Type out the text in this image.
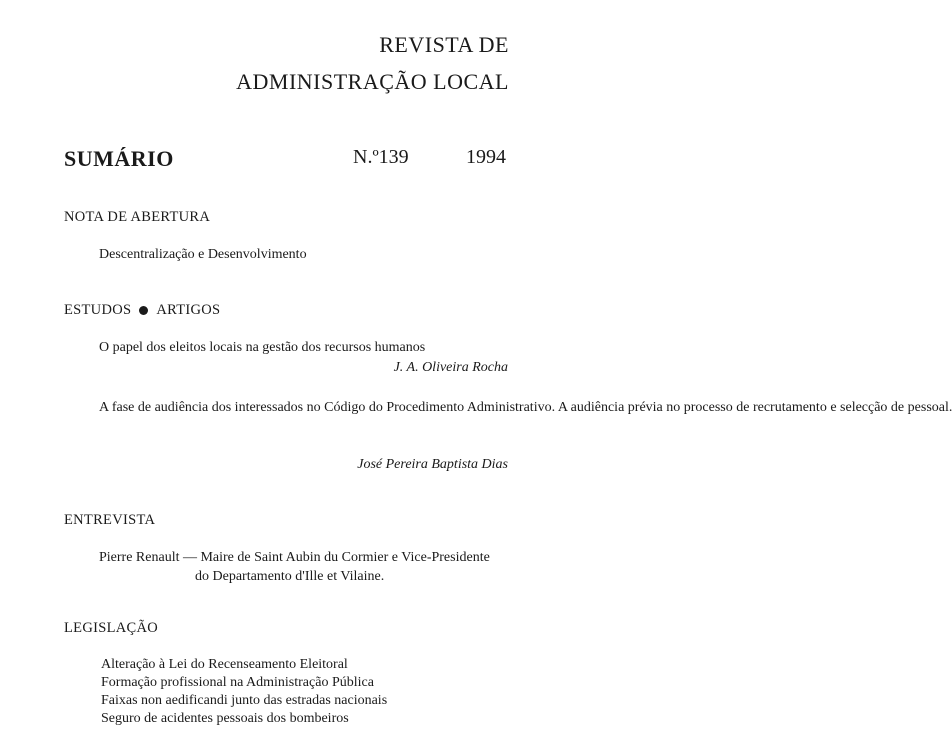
REVISTA DE
ADMINISTRAÇÃO LOCAL
SUMÁRIO	N.º139	1994
NOTA DE ABERTURA
Descentralização e Desenvolvimento
ESTUDOS ARTIGOS
O papel dos eleitos locais na gestão dos recursos humanos
J. A. Oliveira Rocha
A fase de audiência dos interessados no Código do Procedimento Administrativo. A audiência prévia no processo de recrutamento e selecção de pessoal.
José Pereira Baptista Dias
ENTREVISTA
Pierre Renault — Maire de Saint Aubin du Cormier e Vice-Presidente
do Departamento d'Ille et Vilaine.
LEGISLAÇÃO
Alteração à Lei do Recenseamento Eleitoral
Formação profissional na Administração Pública
Faixas non aedificandi junto das estradas nacionais
Seguro de acidentes pessoais dos bombeiros
